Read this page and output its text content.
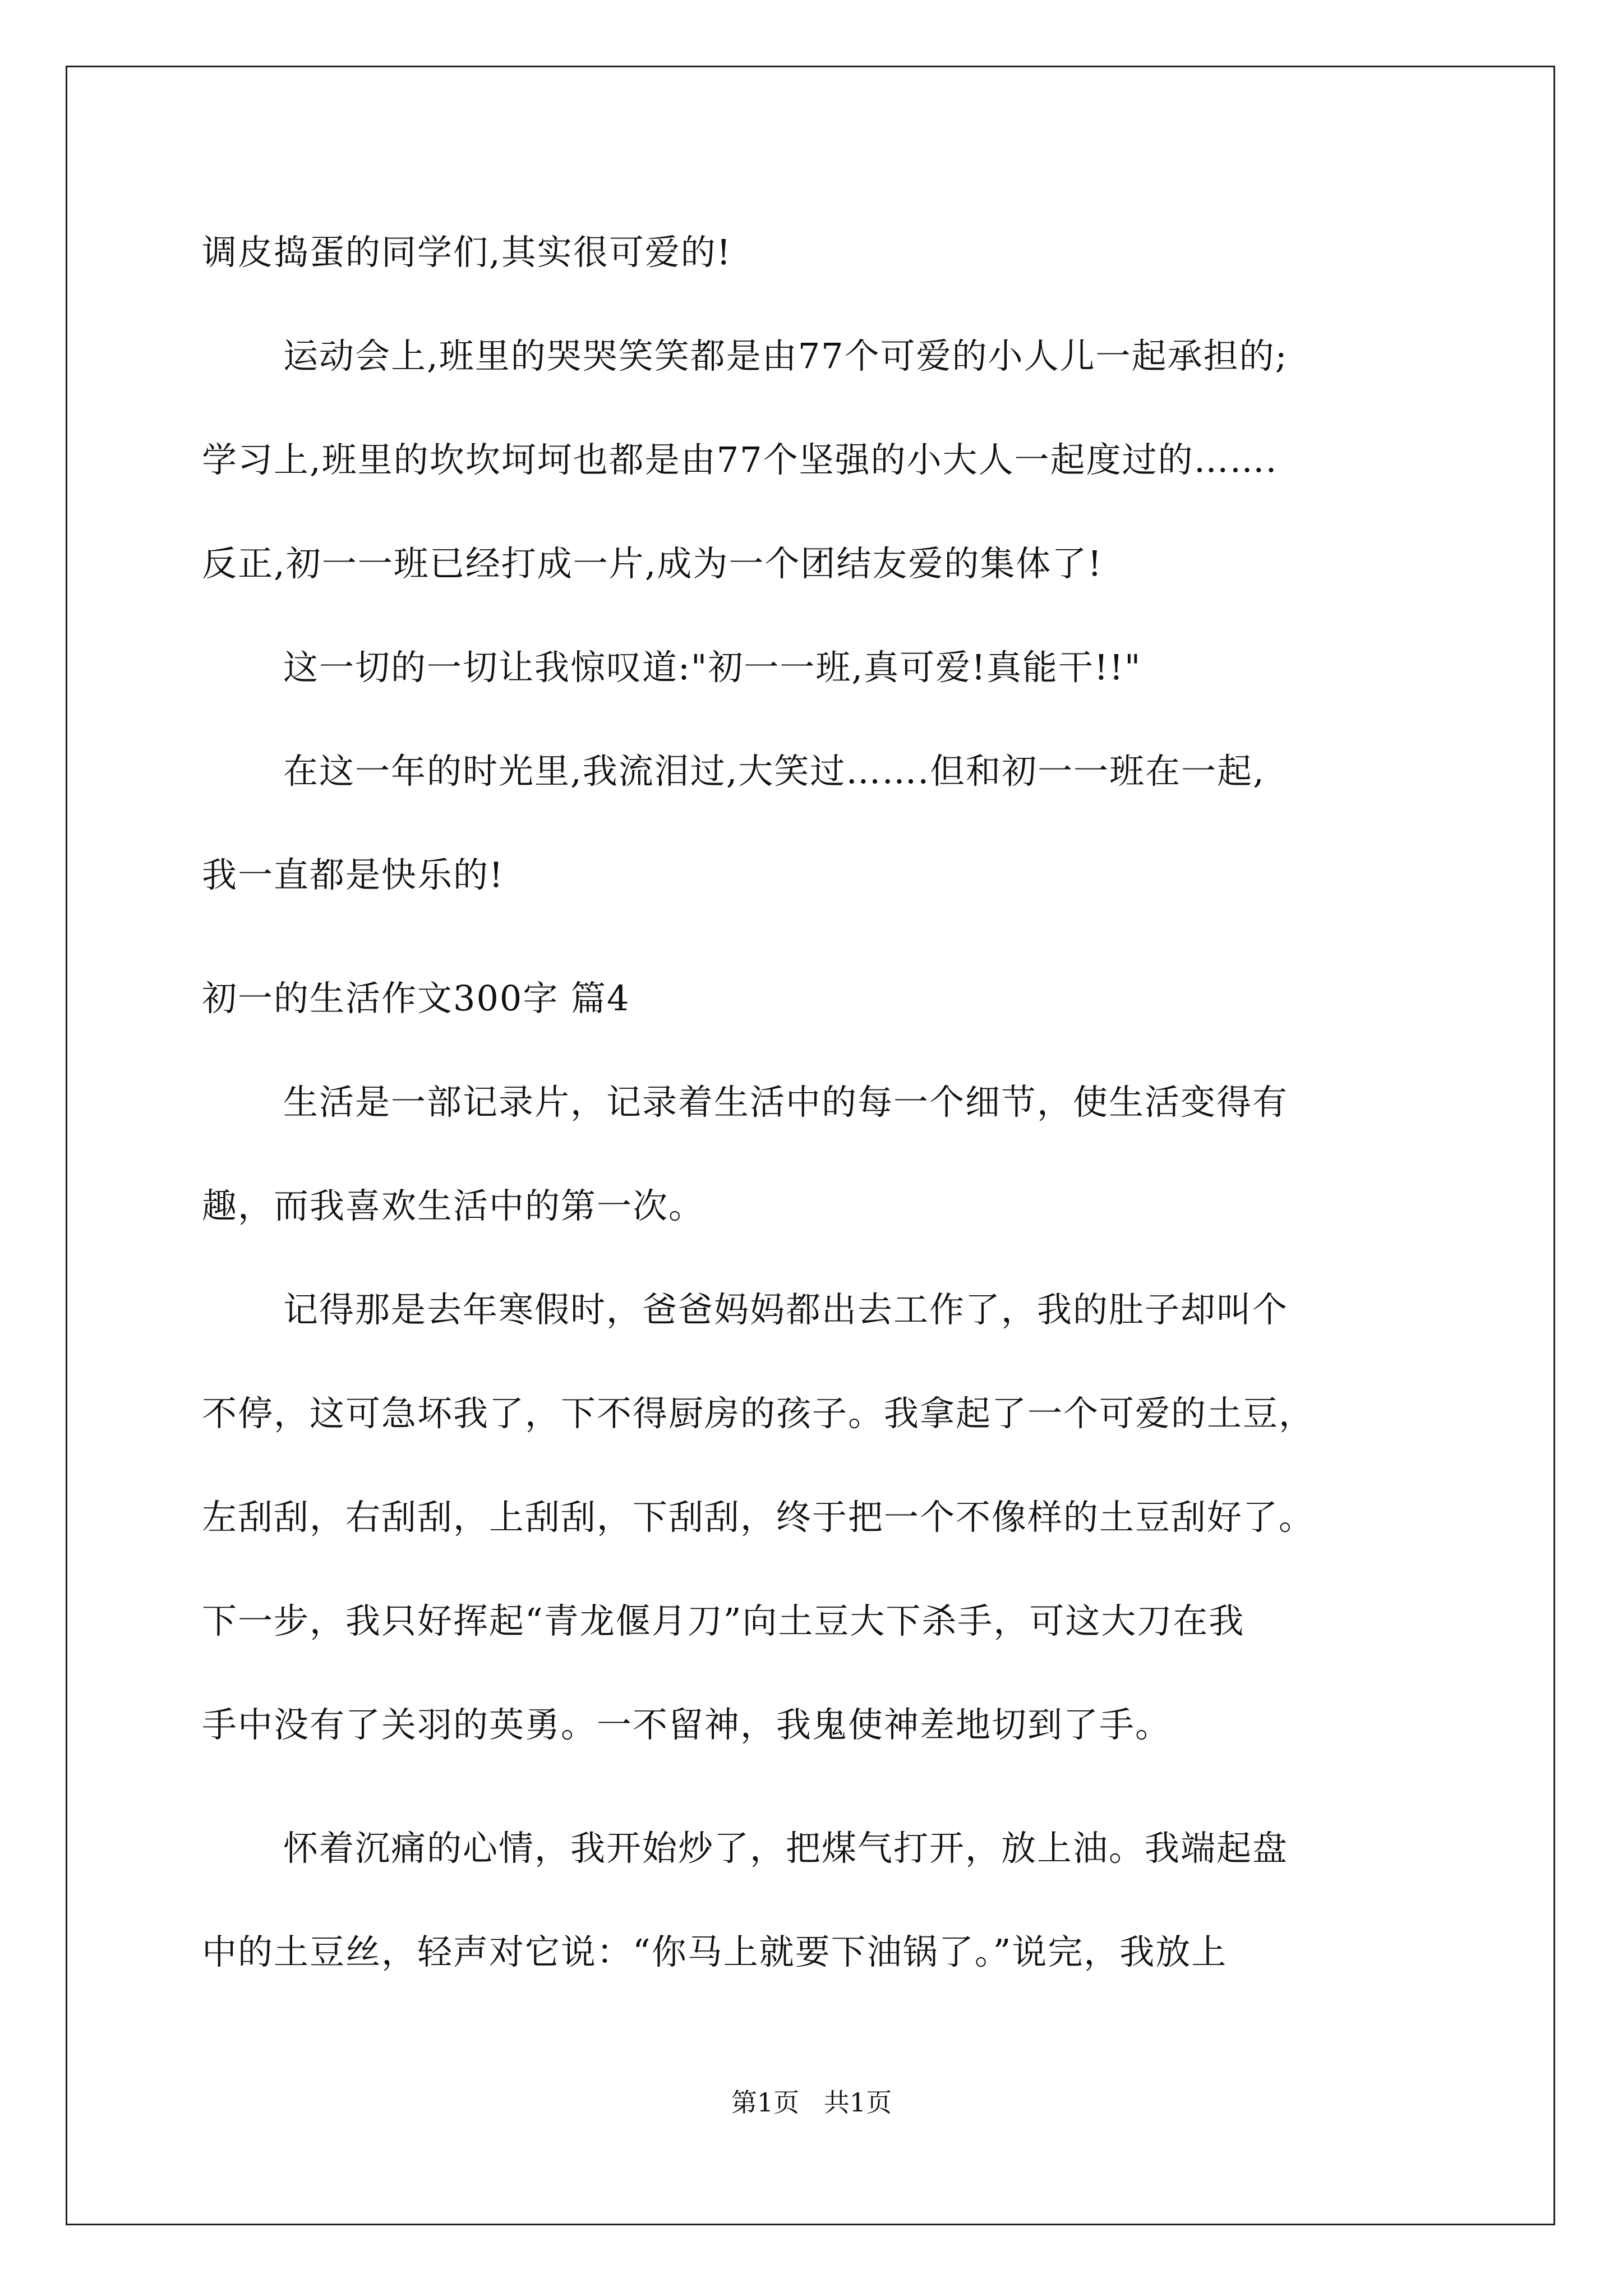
调皮捣蛋的同学们,其实很可爱的!
运动会上,班里的哭哭笑笑都是由77个可爱的小人儿一起承担的;
学习上,班里的坎坎坷坷也都是由77个坚强的小大人一起度过的…….
反正,初一一班已经打成一片,成为一个团结友爱的集体了!
这一切的一切让我惊叹道:"初一一班,真可爱!真能干!!"
在这一年的时光里,我流泪过,大笑过…….但和初一一班在一起,
我一直都是快乐的!
初一的生活作文300字 篇4
生活是一部记录片，记录着生活中的每一个细节，使生活变得有
趣，而我喜欢生活中的第一次。
记得那是去年寒假时，爸爸妈妈都出去工作了，我的肚子却叫个
不停，这可急坏我了，下不得厨房的孩子。我拿起了一个可爱的土豆，
左刮刮，右刮刮，上刮刮，下刮刮，终于把一个不像样的土豆刮好了。
下一步，我只好挥起“青龙偃月刀”向土豆大下杀手，可这大刀在我
手中没有了关羽的英勇。一不留神，我鬼使神差地切到了手。
怀着沉痛的心情，我开始炒了，把煤气打开，放上油。我端起盘
中的土豆丝，轻声对它说：“你马上就要下油锅了。”说完，我放上
第1页   共1页
